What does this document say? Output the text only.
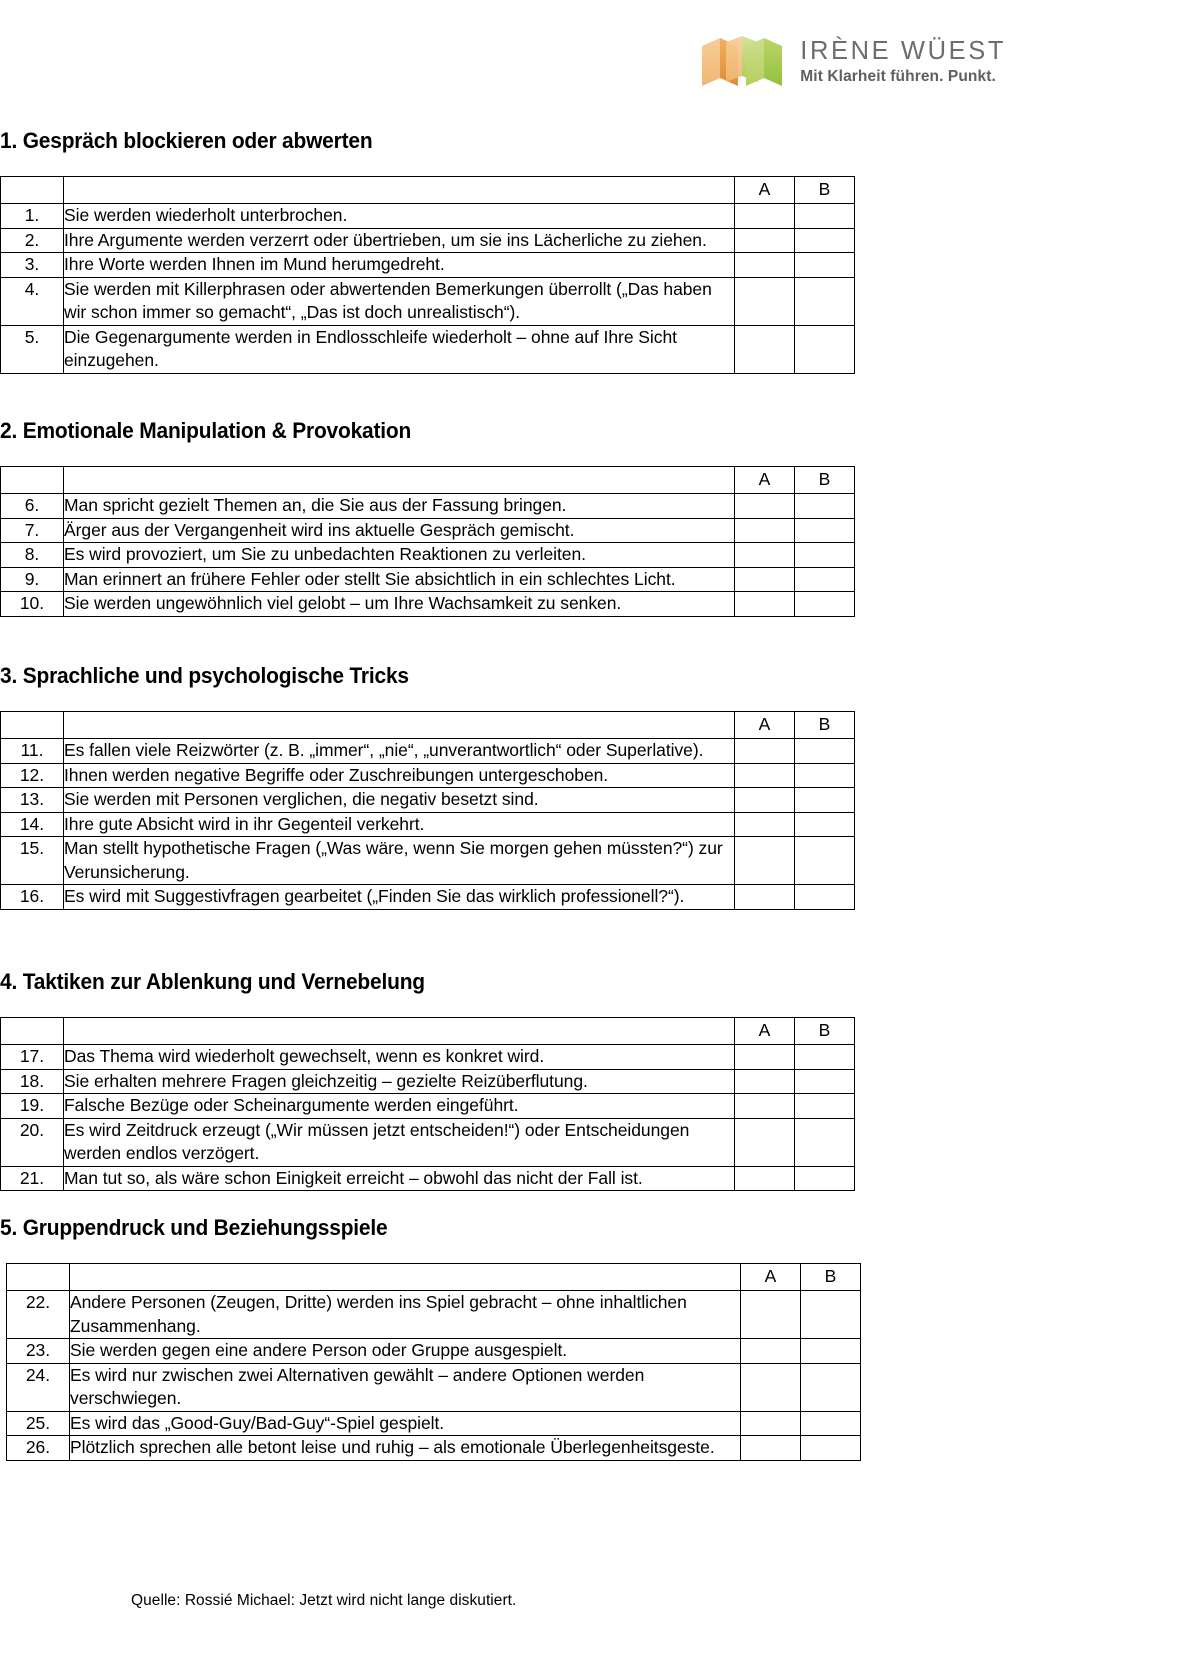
IRÈNE WÜEST
Mit Klarheit führen. Punkt.
1. Gespräch blockieren oder abwerten
		A	B
1.	Sie werden wiederholt unterbrochen.		
2.	Ihre Argumente werden verzerrt oder übertrieben, um sie ins Lächerliche zu ziehen.		
3.	Ihre Worte werden Ihnen im Mund herumgedreht.		
4.	Sie werden mit Killerphrasen oder abwertenden Bemerkungen überrollt („Das haben wir schon immer so gemacht“, „Das ist doch unrealistisch“).		
5.	Die Gegenargumente werden in Endlosschleife wiederholt – ohne auf Ihre Sicht einzugehen.		
2. Emotionale Manipulation & Provokation
		A	B
6.	Man spricht gezielt Themen an, die Sie aus der Fassung bringen.		
7.	Ärger aus der Vergangenheit wird ins aktuelle Gespräch gemischt.		
8.	Es wird provoziert, um Sie zu unbedachten Reaktionen zu verleiten.		
9.	Man erinnert an frühere Fehler oder stellt Sie absichtlich in ein schlechtes Licht.		
10.	Sie werden ungewöhnlich viel gelobt – um Ihre Wachsamkeit zu senken.		
3. Sprachliche und psychologische Tricks
		A	B
11.	Es fallen viele Reizwörter (z. B. „immer“, „nie“, „unverantwortlich“ oder Superlative).		
12.	Ihnen werden negative Begriffe oder Zuschreibungen untergeschoben.		
13.	Sie werden mit Personen verglichen, die negativ besetzt sind.		
14.	Ihre gute Absicht wird in ihr Gegenteil verkehrt.		
15.	Man stellt hypothetische Fragen („Was wäre, wenn Sie morgen gehen müssten?“) zur Verunsicherung.		
16.	Es wird mit Suggestivfragen gearbeitet („Finden Sie das wirklich professionell?“).		
4. Taktiken zur Ablenkung und Vernebelung
		A	B
17.	Das Thema wird wiederholt gewechselt, wenn es konkret wird.		
18.	Sie erhalten mehrere Fragen gleichzeitig – gezielte Reizüberflutung.		
19.	Falsche Bezüge oder Scheinargumente werden eingeführt.		
20.	Es wird Zeitdruck erzeugt („Wir müssen jetzt entscheiden!“) oder Entscheidungen werden endlos verzögert.		
21.	Man tut so, als wäre schon Einigkeit erreicht – obwohl das nicht der Fall ist.		
5. Gruppendruck und Beziehungsspiele
		A	B
22.	Andere Personen (Zeugen, Dritte) werden ins Spiel gebracht – ohne inhaltlichen Zusammenhang.		
23.	Sie werden gegen eine andere Person oder Gruppe ausgespielt.		
24.	Es wird nur zwischen zwei Alternativen gewählt – andere Optionen werden verschwiegen.		
25.	Es wird das „Good-Guy/Bad-Guy“-Spiel gespielt.		
26.	Plötzlich sprechen alle betont leise und ruhig – als emotionale Überlegenheitsgeste.		
Quelle: Rossié Michael: Jetzt wird nicht lange diskutiert.
